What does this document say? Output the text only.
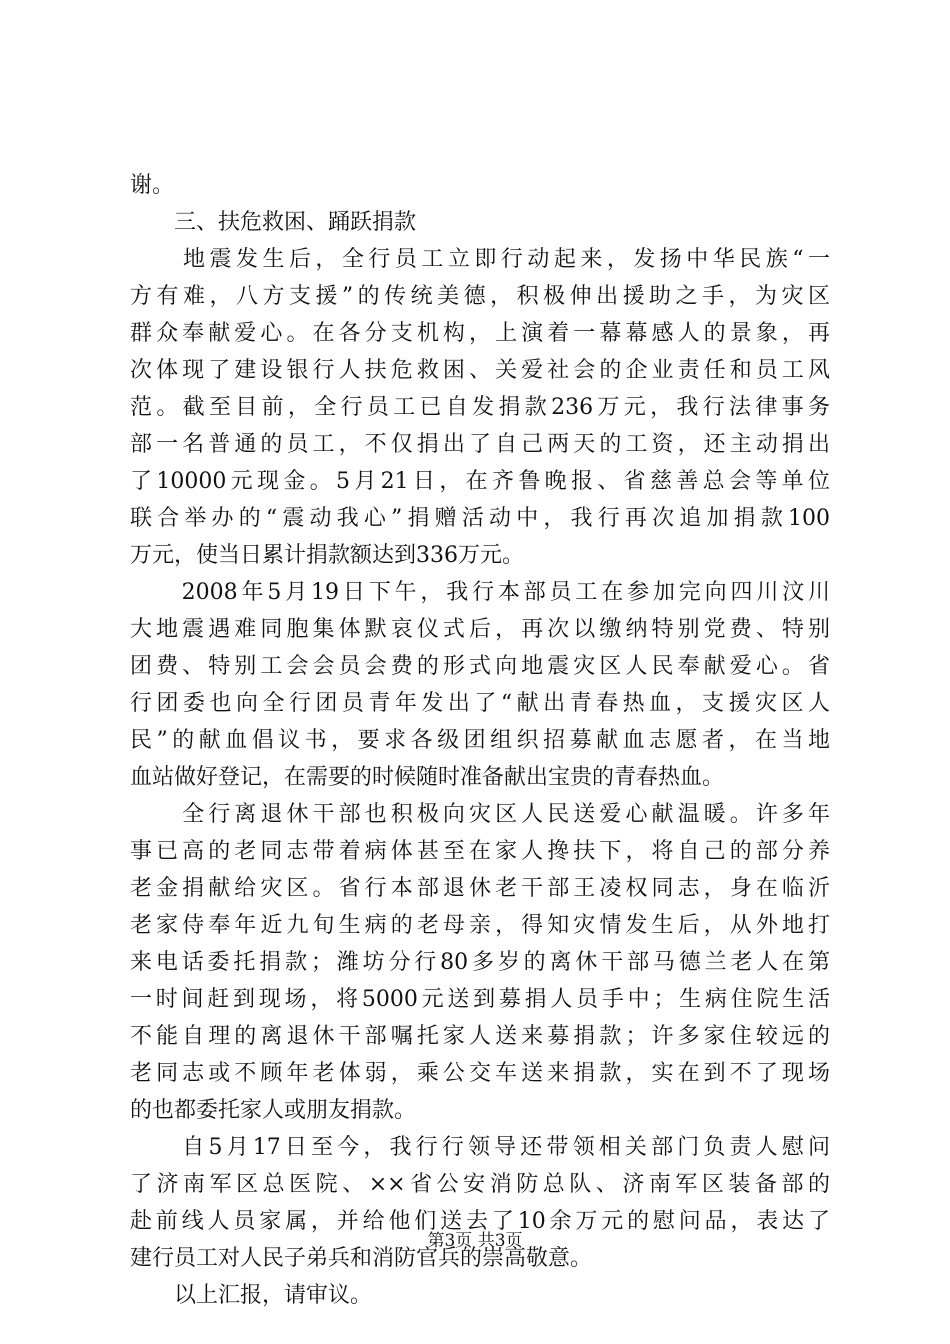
谢。
　　三、扶危救困、踊跃捐款
　　地震发生后，全行员工立即行动起来，发扬中华民族“一
方有难，八方支援”的传统美德，积极伸出援助之手，为灾区
群众奉献爱心。在各分支机构，上演着一幕幕感人的景象，再
次体现了建设银行人扶危救困、关爱社会的企业责任和员工风
范。截至目前，全行员工已自发捐款236万元，我行法律事务
部一名普通的员工，不仅捐出了自己两天的工资，还主动捐出
了10000元现金。5月21日，在齐鲁晚报、省慈善总会等单位
联合举办的“震动我心”捐赠活动中，我行再次追加捐款100
万元，使当日累计捐款额达到336万元。
　　2008年5月19日下午，我行本部员工在参加完向四川汶川
大地震遇难同胞集体默哀仪式后，再次以缴纳特别党费、特别
团费、特别工会会员会费的形式向地震灾区人民奉献爱心。省
行团委也向全行团员青年发出了“献出青春热血，支援灾区人
民”的献血倡议书，要求各级团组织招募献血志愿者，在当地
血站做好登记，在需要的时候随时准备献出宝贵的青春热血。
　　全行离退休干部也积极向灾区人民送爱心献温暖。许多年
事已高的老同志带着病体甚至在家人搀扶下，将自己的部分养
老金捐献给灾区。省行本部退休老干部王凌权同志，身在临沂
老家侍奉年近九旬生病的老母亲，得知灾情发生后，从外地打
来电话委托捐款；潍坊分行80多岁的离休干部马德兰老人在第
一时间赶到现场，将5000元送到募捐人员手中；生病住院生活
不能自理的离退休干部嘱托家人送来募捐款；许多家住较远的
老同志或不顾年老体弱，乘公交车送来捐款，实在到不了现场
的也都委托家人或朋友捐款。
　　自5月17日至今，我行行领导还带领相关部门负责人慰问
了济南军区总医院、××省公安消防总队、济南军区装备部的
赴前线人员家属，并给他们送去了10余万元的慰问品，表达了
建行员工对人民子弟兵和消防官兵的崇高敬意。
　　以上汇报，请审议。
第3页 共3页
